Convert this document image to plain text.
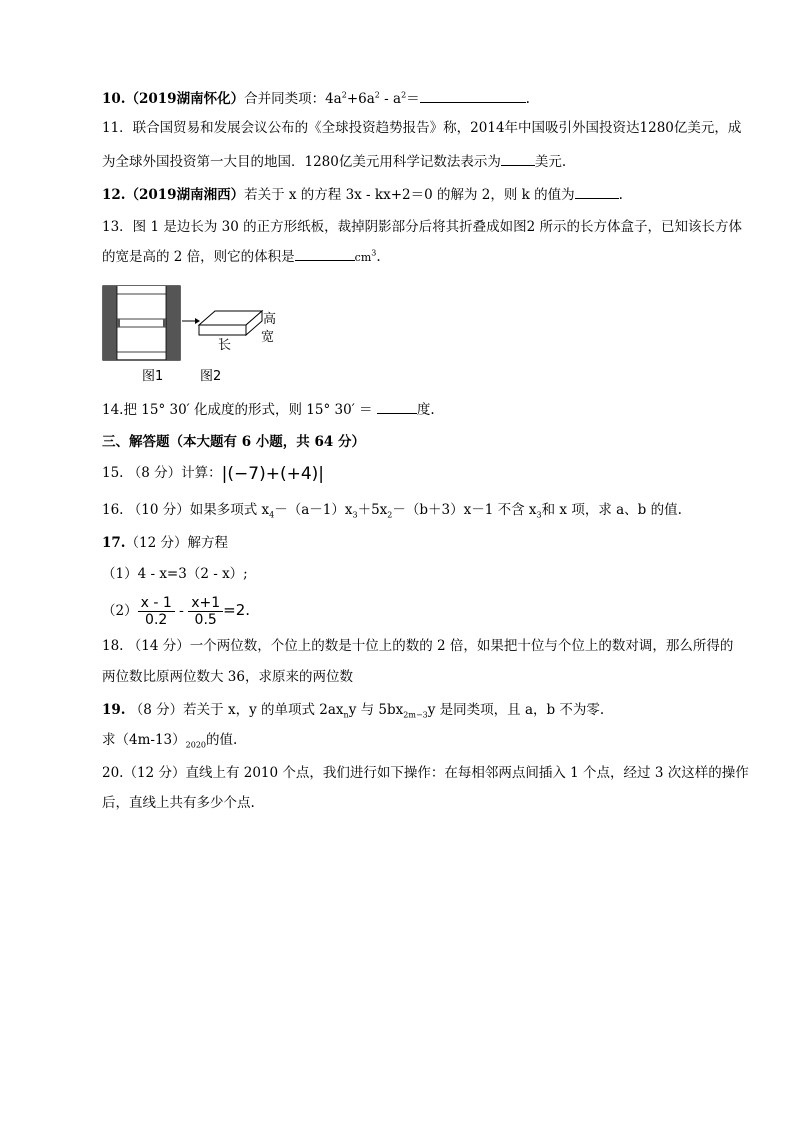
10.（2019湖南怀化）合并同类项：$4a^2+6a^2 - a^2=$	.
11．联合国贸易和发展会议公布的《全球投资趋势报告》称，2014年中国吸引外国投资达1280亿美元，成
为全球外国投资第一大目的地国．1280亿美元用科学记数法表示为	美元.
12.（2019湖南湘西）若关于 x 的方程 3x - kx+2＝0 的解为 2，则 k 的值为	.
13．图 1 是边长为 30 的正方形纸板，裁掉阴影部分后将其折叠成如图2 所示的长方体盒子，已知该长方体
的宽是高的 2 倍，则它的体积是	$cm^3$.
高
宽
长
图1	图2
14.把 15° 30′ 化成度的形式，则 15° 30′ ＝	度.
三、解答题（本大题有 6 小题，共 64 分）
15. （8 分）计算：|(−7)+(+4)|
16. （10 分）如果多项式 $x_4-(a-1)x_3+5x_2-(b+3)x-1$ 不含 $x_3$和 x 项，求 a、b 的值.
17.（12 分）解方程
（1）4 - x=3（2 - x）;
$(2) \frac{x - 1}{0.2} - \frac{x+1}{0.5} =2$.
18. （14 分）一个两位数，个位上的数是十位上的数的 2 倍，如果把十位与个位上的数对调，那么所得的
两位数比原两位数大 36，求原来的两位数
19. （8 分）若关于 x，y 的单项式 $2ax_ny$ 与 $5bx_{2m-3}y$ 是同类项，且 a，b 不为零.
求$(4m-13)_{2020}$的值.
20.（12 分）直线上有 2010 个点，我们进行如下操作：在每相邻两点间插入 1 个点，经过 3 次这样的操作
后，直线上共有多少个点.
